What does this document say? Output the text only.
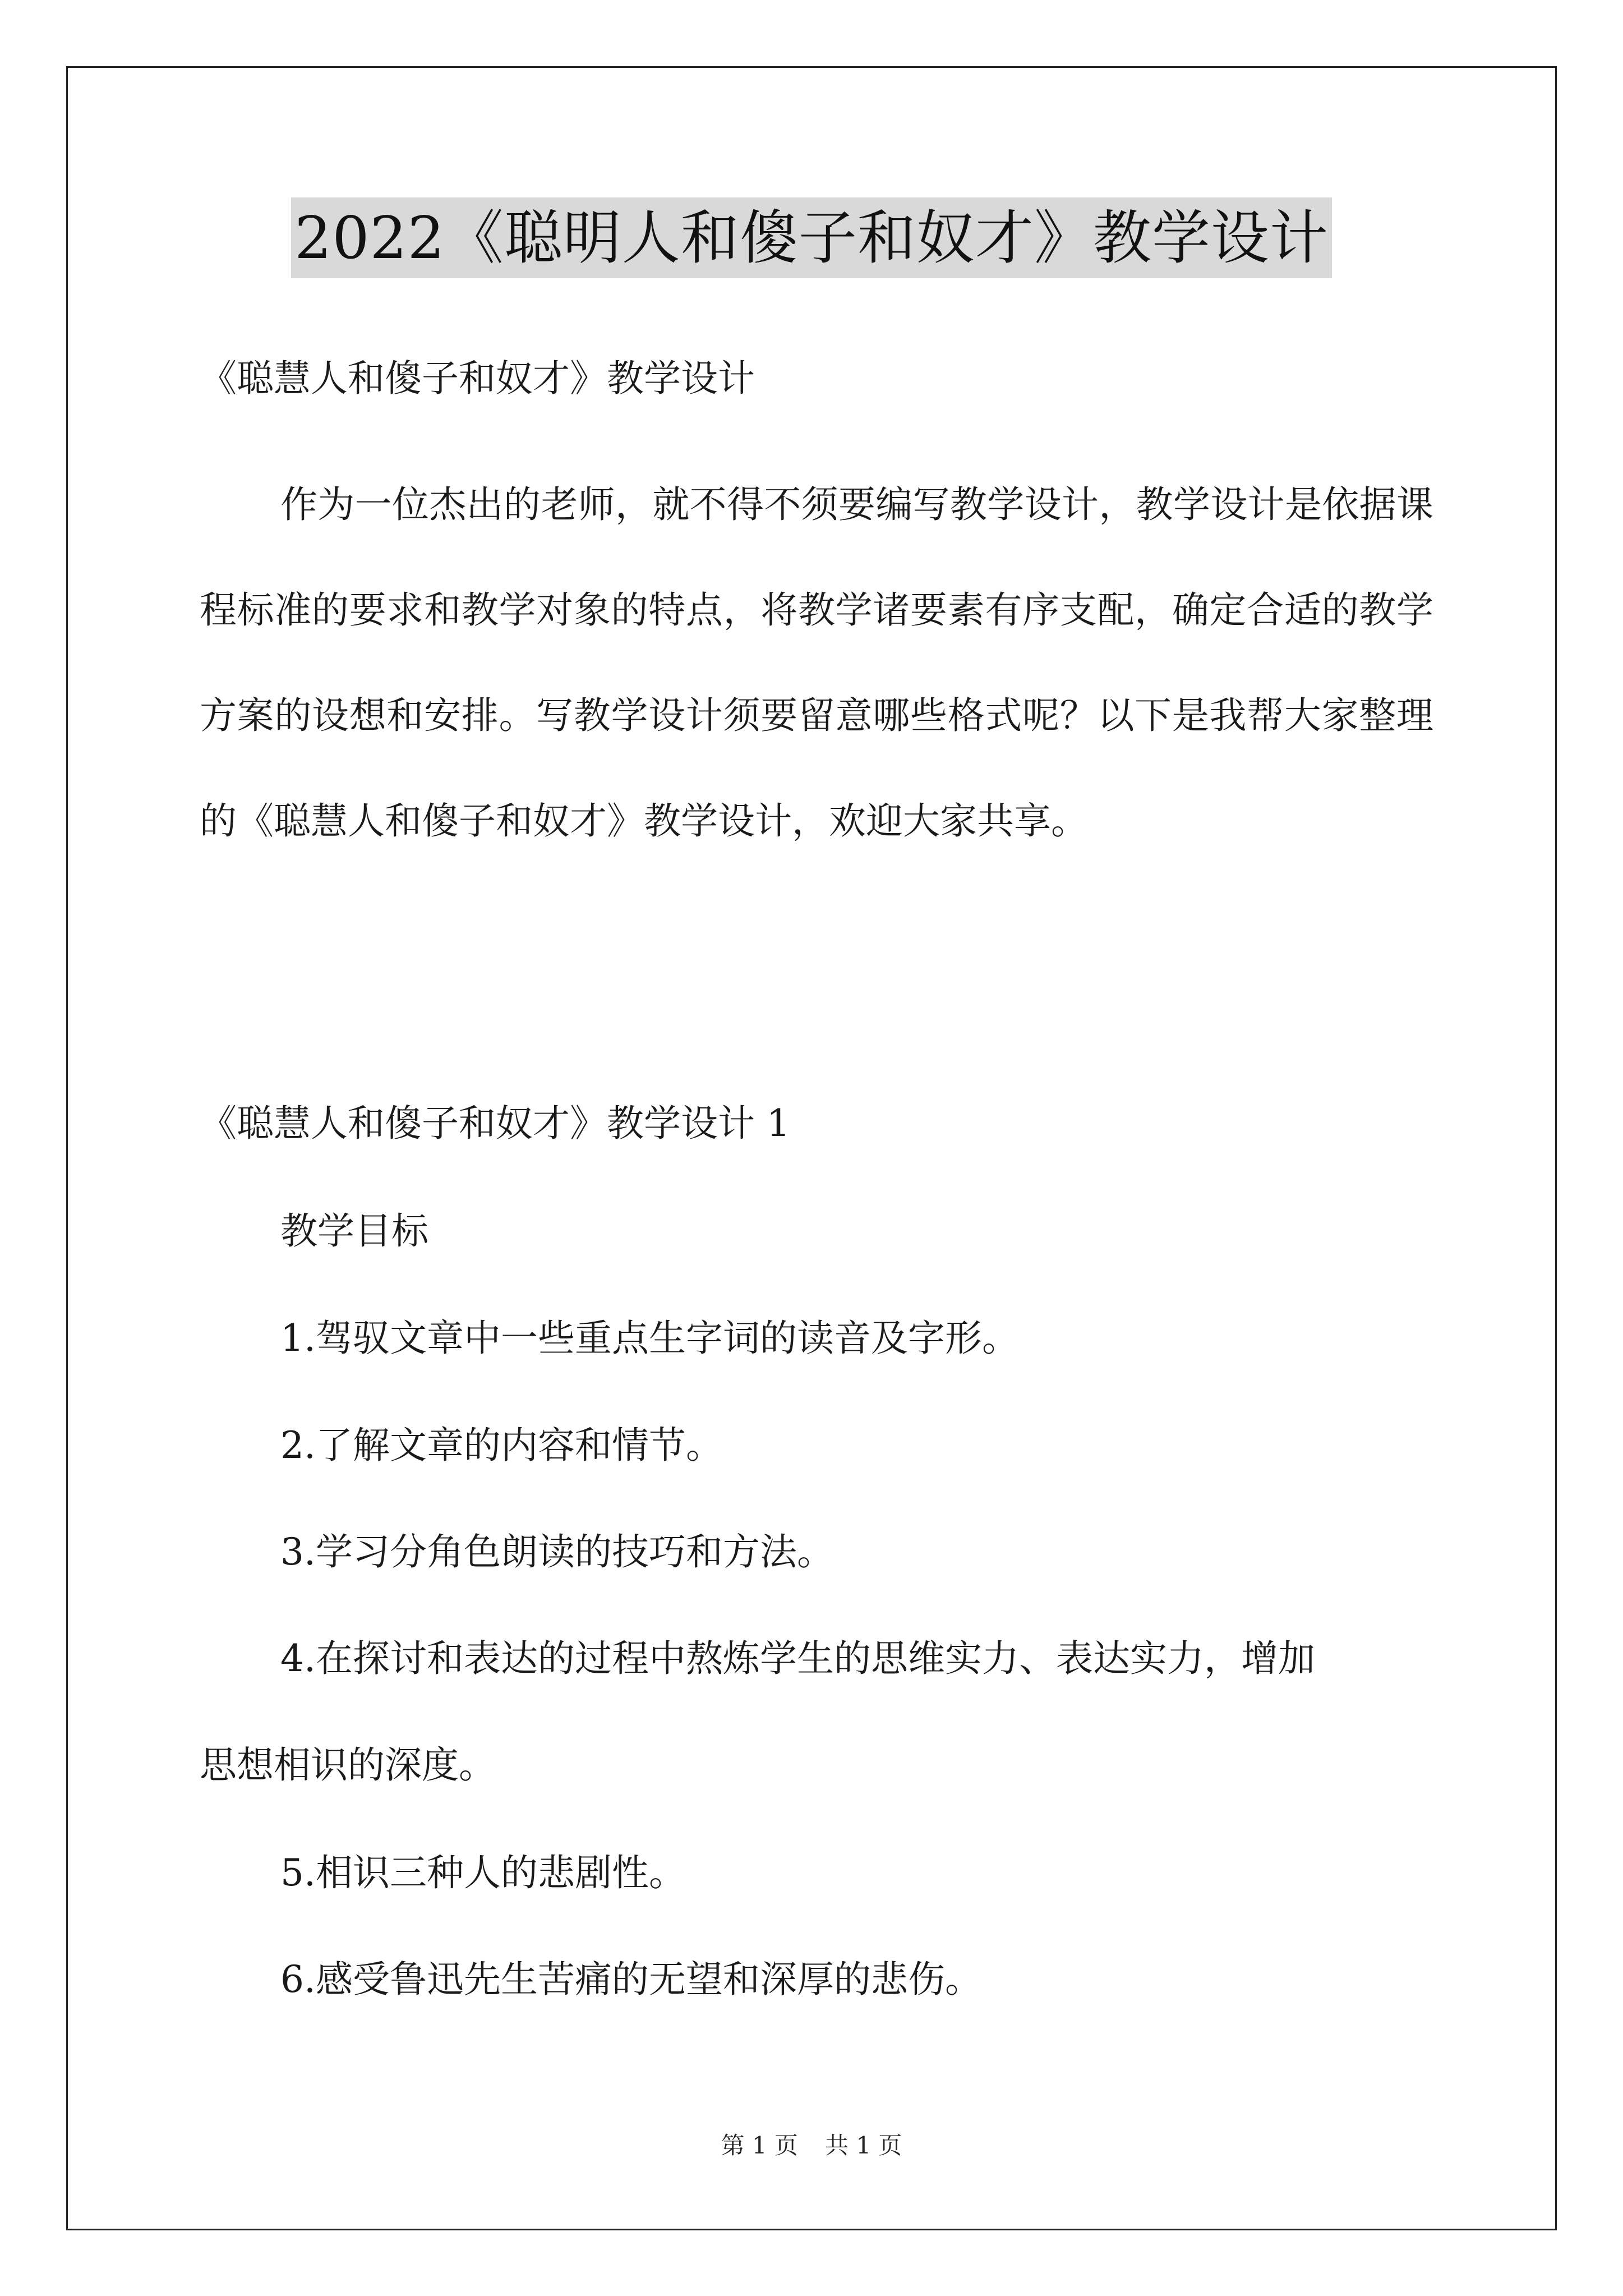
2022《聪明人和傻子和奴才》教学设计
《聪慧人和傻子和奴才》教学设计
作为一位杰出的老师，就不得不须要编写教学设计，教学设计是依据课程标准的要求和教学对象的特点，将教学诸要素有序支配，确定合适的教学方案的设想和安排。写教学设计须要留意哪些格式呢？以下是我帮大家整理的《聪慧人和傻子和奴才》教学设计，欢迎大家共享。
《聪慧人和傻子和奴才》教学设计 1
教学目标
1.驾驭文章中一些重点生字词的读音及字形。
2.了解文章的内容和情节。
3.学习分角色朗读的技巧和方法。
4.在探讨和表达的过程中熬炼学生的思维实力、表达实力，增加
思想相识的深度。
5.相识三种人的悲剧性。
6.感受鲁迅先生苦痛的无望和深厚的悲伤。
第 1 页 共 1 页
